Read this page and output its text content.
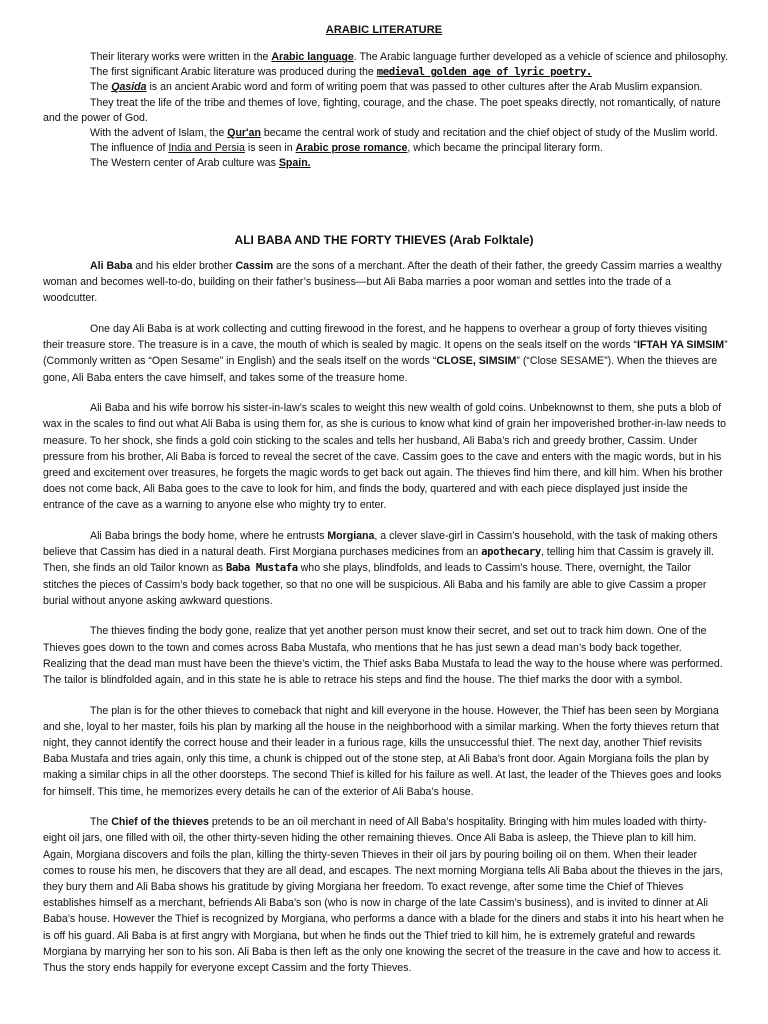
ARABIC LITERATURE

Their literary works were written in the Arabic language. The Arabic language further developed as a vehicle of science and philosophy.

The first significant Arabic literature was produced during the medieval golden age of lyric poetry.

The Qasida is an ancient Arabic word and form of writing poem that was passed to other cultures after the Arab Muslim expansion.

They treat the life of the tribe and themes of love, fighting, courage, and the chase. The poet speaks directly, not romantically, of nature and the power of God.

With the advent of Islam, the Qur'an became the central work of study and recitation and the chief object of study of the Muslim world.

The influence of India and Persia is seen in Arabic prose romance, which became the principal literary form.

The Western center of Arab culture was Spain.

ALI BABA AND THE FORTY THIEVES (Arab Folktale)

Ali Baba and his elder brother Cassim are the sons of a merchant. After the death of their father, the greedy Cassim marries a wealthy woman and becomes well-to-do, building on their father’s business—but Ali Baba marries a poor woman and settles into the trade of a woodcutter.

One day Ali Baba is at work collecting and cutting firewood in the forest, and he happens to overhear a group of forty thieves visiting their treasure store. The treasure is in a cave, the mouth of which is sealed by magic. It opens on the seals itself on the words “IFTAH YA SIMSIM” (Commonly written as “Open Sesame” in English) and the seals itself on the words “CLOSE, SIMSIM” (“Close SESAME”). When the thieves are gone, Ali Baba enters the cave himself, and takes some of the treasure home.

Ali Baba and his wife borrow his sister-in-law’s scales to weight this new wealth of gold coins. Unbeknownst to them, she puts a blob of wax in the scales to find out what Ali Baba is using them for, as she is curious to know what kind of grain her impoverished brother-in-law needs to measure. To her shock, she finds a gold coin sticking to the scales and tells her husband, Ali Baba’s rich and greedy brother, Cassim. Under pressure from his brother, Ali Baba is forced to reveal the secret of the cave. Cassim goes to the cave and enters with the magic words, but in his greed and excitement over treasures, he forgets the magic words to get back out again. The thieves find him there, and kill him. When his brother does not come back, Ali Baba goes to the cave to look for him, and finds the body, quartered and with each piece displayed just inside the entrance of the cave as a warning to anyone else who mighty try to enter.

Ali Baba brings the body home, where he entrusts Morgiana, a clever slave-girl in Cassim’s household, with the task of making others believe that Cassim has died in a natural death. First Morgiana purchases medicines from an apothecary, telling him that Cassim is gravely ill. Then, she finds an old Tailor known as Baba Mustafa who she plays, blindfolds, and leads to Cassim’s house. There, overnight, the Tailor stitches the pieces of Cassim’s body back together, so that no one will be suspicious. Ali Baba and his family are able to give Cassim a proper burial without anyone asking awkward questions.

The thieves finding the body gone, realize that yet another person must know their secret, and set out to track him down. One of the Thieves goes down to the town and comes across Baba Mustafa, who mentions that he has just sewn a dead man’s body back together. Realizing that the dead man must have been the thieve’s victim, the Thief asks Baba Mustafa to lead the way to the house where was performed. The tailor is blindfolded again, and in this state he is able to retrace his steps and find the house. The thief marks the door with a symbol.

The plan is for the other thieves to comeback that night and kill everyone in the house. However, the Thief has been seen by Morgiana and she, loyal to her master, foils his plan by marking all the house in the neighborhood with a similar marking. When the forty thieves return that night, they cannot identify the correct house and their leader in a furious rage, kills the unsuccessful thief. The next day, another Thief revisits Baba Mustafa and tries again, only this time, a chunk is chipped out of the stone step, at Ali Baba’s front door. Again Morgiana foils the plan by making a similar chips in all the other doorsteps. The second Thief is killed for his failure as well. At last, the leader of the Thieves goes and looks for himself. This time, he memorizes every details he can of the exterior of Ali Baba’s house.

The Chief of the thieves pretends to be an oil merchant in need of All Baba’s hospitality. Bringing with him mules loaded with thirty-eight oil jars, one filled with oil, the other thirty-seven hiding the other remaining thieves. Once Ali Baba is asleep, the Thieve plan to kill him. Again, Morgiana discovers and foils the plan, killing the thirty-seven Thieves in their oil jars by pouring boiling oil on them. When their leader comes to rouse his men, he discovers that they are all dead, and escapes. The next morning Morgiana tells Ali Baba about the thieves in the jars, they bury them and Ali Baba shows his gratitude by giving Morgiana her freedom. To exact revenge, after some time the Chief of Thieves establishes himself as a merchant, befriends Ali Baba’s son (who is now in charge of the late Cassim’s business), and is invited to dinner at Ali Baba’s house. However the Thief is recognized by Morgiana, who performs a dance with a blade for the diners and stabs it into his heart when he is off his guard. Ali Baba is at first angry with Morgiana, but when he finds out the Thief tried to kill him, he is extremely grateful and rewards Morgiana by marrying her son to his son. Ali Baba is then left as the only one knowing the secret of the treasure in the cave and how to access it. Thus the story ends happily for everyone except Cassim and the forty Thieves.
